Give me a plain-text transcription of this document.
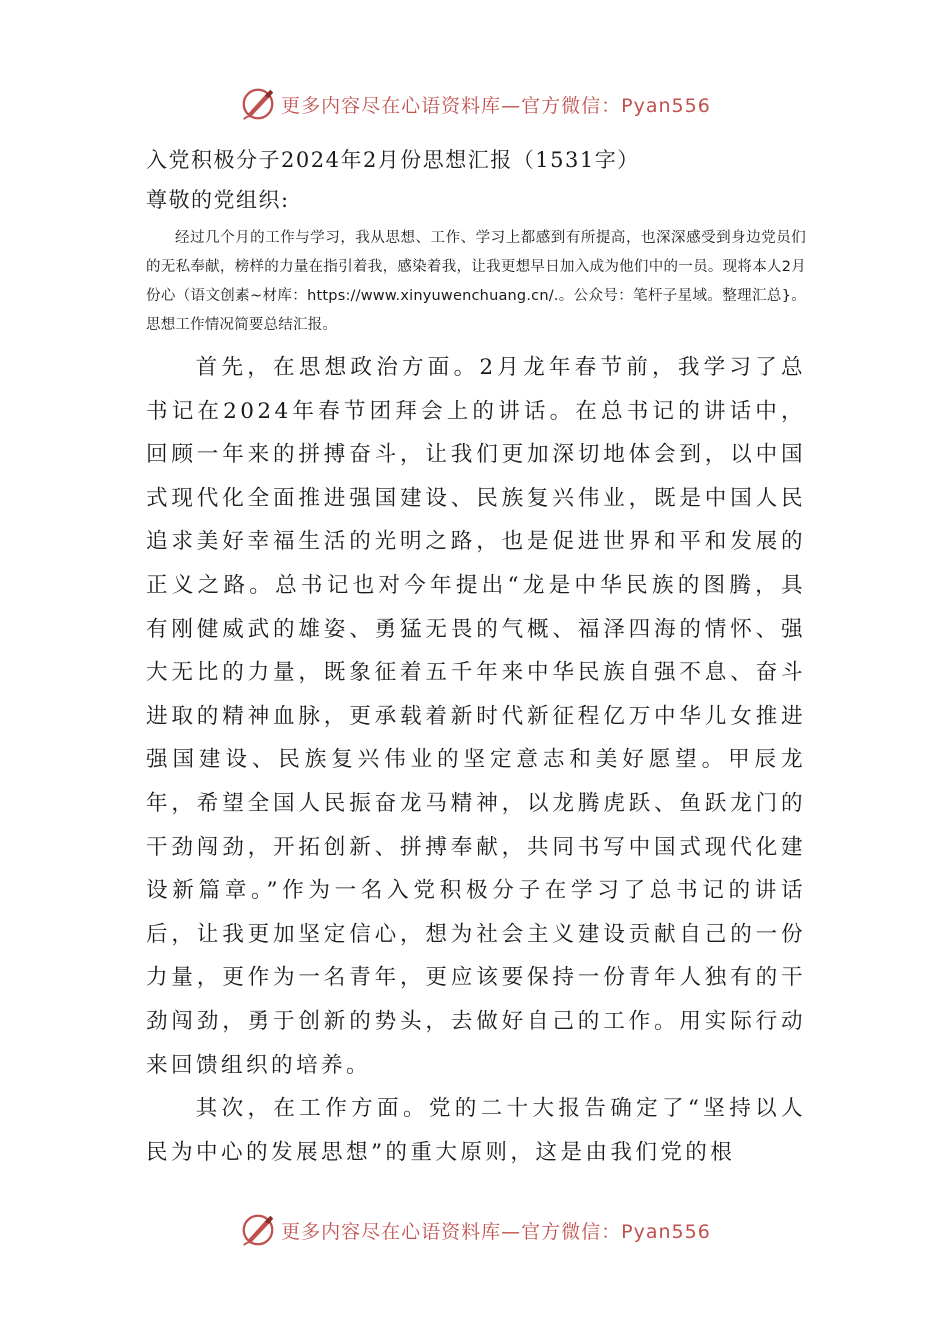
更多内容尽在心语资料库—官方微信：Pyan556

入党积极分子2024年2月份思想汇报（1531字）

尊敬的党组织:

经过几个月的工作与学习，我从思想、工作、学习上都感到有所提高，也深深感受到身边党员们的无私奉献，榜样的力量在指引着我，感染着我，让我更想早日加入成为他们中的一员。现将本人2月份心（语文创素~材库：https://www.xinyuwenchuang.cn/.。公众号：笔杆子星域。整理汇总}。思想工作情况简要总结汇报。

首先，在思想政治方面。2月龙年春节前，我学习了总书记在2024年春节团拜会上的讲话。在总书记的讲话中，回顾一年来的拼搏奋斗，让我们更加深切地体会到，以中国式现代化全面推进强国建设、民族复兴伟业，既是中国人民追求美好幸福生活的光明之路，也是促进世界和平和发展的正义之路。总书记也对今年提出“龙是中华民族的图腾，具有刚健威武的雄姿、勇猛无畏的气概、福泽四海的情怀、强大无比的力量，既象征着五千年来中华民族自强不息、奋斗进取的精神血脉，更承载着新时代新征程亿万中华儿女推进强国建设、民族复兴伟业的坚定意志和美好愿望。甲辰龙年，希望全国人民振奋龙马精神，以龙腾虎跃、鱼跃龙门的干劲闯劲，开拓创新、拼搏奉献，共同书写中国式现代化建设新篇章。”作为一名入党积极分子在学习了总书记的讲话后，让我更加坚定信心，想为社会主义建设贡献自己的一份力量，更作为一名青年，更应该要保持一份青年人独有的干劲闯劲，勇于创新的势头，去做好自己的工作。用实际行动来回馈组织的培养。

其次，在工作方面。党的二十大报告确定了“坚持以人民为中心的发展思想”的重大原则，这是由我们党的根

更多内容尽在心语资料库—官方微信：Pyan556
